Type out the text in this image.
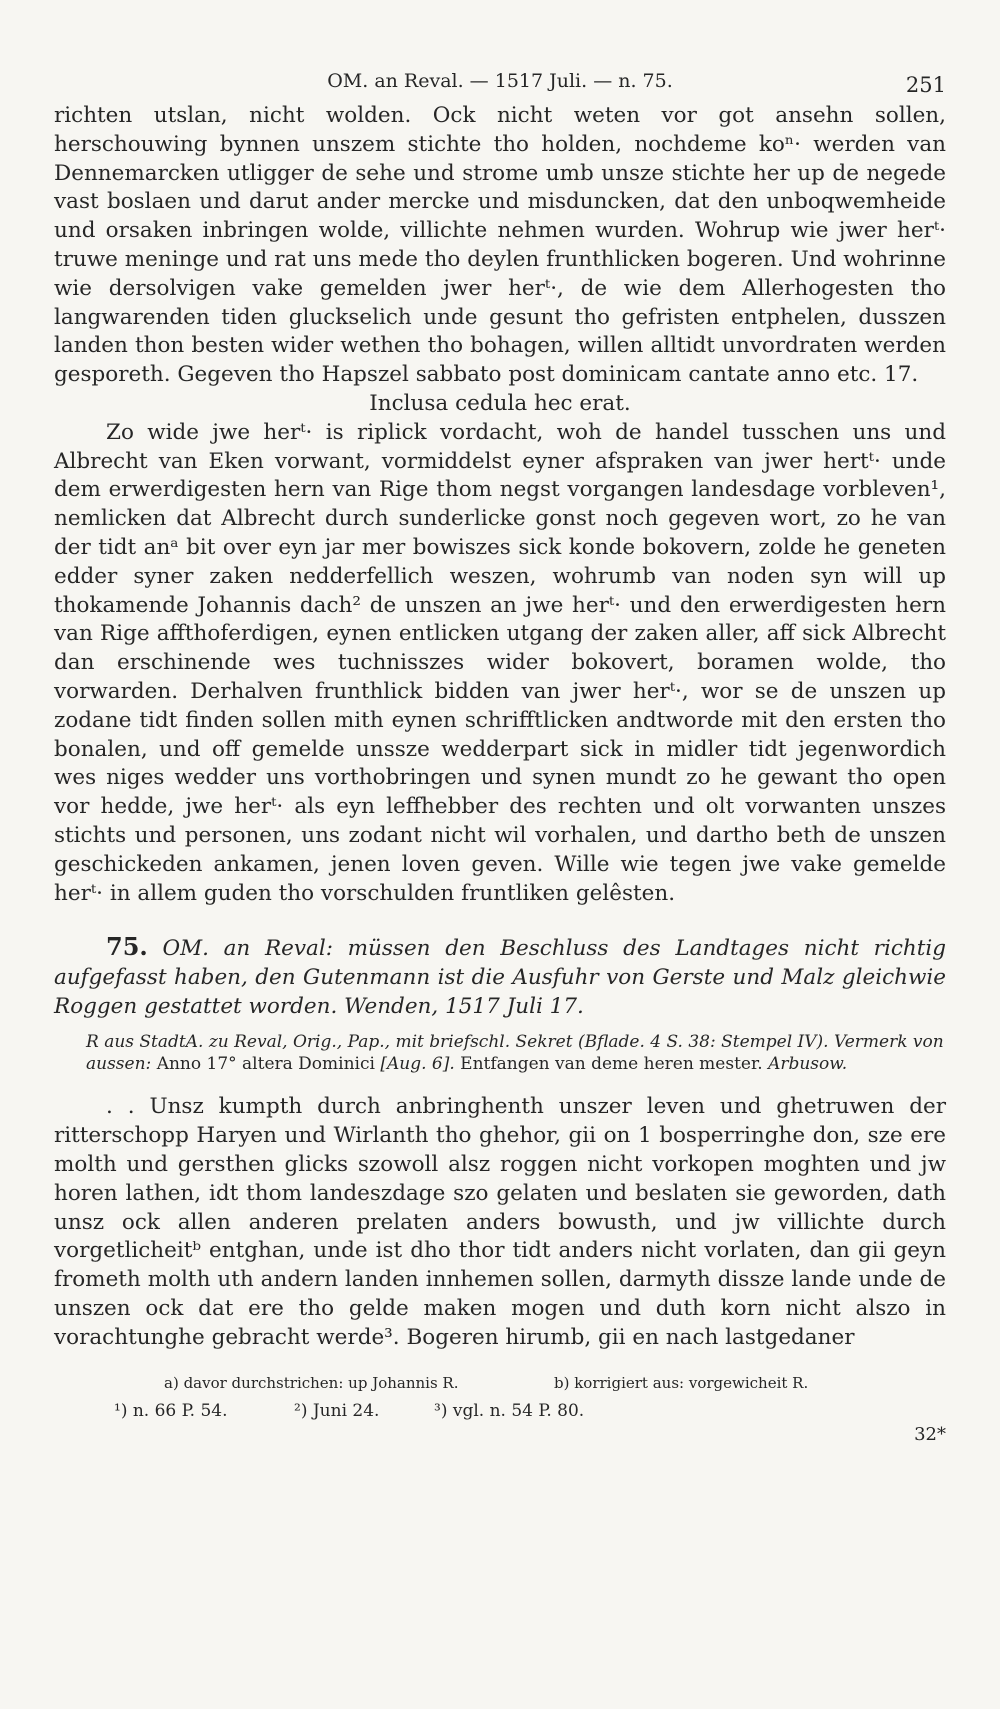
OM. an Reval. — 1517 Juli. — n. 75.	251

richten utslan, nicht wolden. Ock nicht weten vor got ansehn sollen, herschouwing bynnen unszem stichte tho holden, nochdeme koⁿ· werden van Dennemarcken utligger de sehe und strome umb unsze stichte her up de negede vast boslaen und darut ander mercke und misduncken, dat den unboqwemheide und orsaken inbringen wolde, villichte nehmen wurden. Wohrup wie jwer herᵗ· truwe meninge und rat uns mede tho deylen frunthlicken bogeren. Und wohrinne wie dersolvigen vake gemelden jwer herᵗ·, de wie dem Allerhogesten tho langwarenden tiden gluckselich unde gesunt tho gefristen entphelen, dusszen landen thon besten wider wethen tho bohagen, willen alltidt unvordraten werden gesporeth. Gegeven tho Hapszel sabbato post dominicam cantate anno etc. 17.

Inclusa cedula hec erat.

Zo wide jwe herᵗ· is riplick vordacht, woh de handel tusschen uns und Albrecht van Eken vorwant, vormiddelst eyner afspraken van jwer hertᵗ· unde dem erwerdigesten hern van Rige thom negst vorgangen landesdage vorbleven¹, nemlicken dat Albrecht durch sunderlicke gonst noch gegeven wort, zo he van der tidt anᵃ bit over eyn jar mer bowiszes sick konde bokovern, zolde he geneten edder syner zaken nedderfellich weszen, wohrumb van noden syn will up thokamende Johannis dach² de unszen an jwe herᵗ· und den erwerdigesten hern van Rige affthoferdigen, eynen entlicken utgang der zaken aller, aff sick Albrecht dan erschinende wes tuchnisszes wider bokovert, boramen wolde, tho vorwarden. Derhalven frunthlick bidden van jwer herᵗ·, wor se de unszen up zodane tidt finden sollen mith eynen schrifftlicken andtworde mit den ersten tho bonalen, und off gemelde unssze wedderpart sick in midler tidt jegenwordich wes niges wedder uns vorthobringen und synen mundt zo he gewant tho open vor hedde, jwe herᵗ· als eyn leffhebber des rechten und olt vorwanten unszes stichts und personen, uns zodant nicht wil vorhalen, und dartho beth de unszen geschickeden ankamen, jenen loven geven. Wille wie tegen jwe vake gemelde herᵗ· in allem guden tho vorschulden fruntliken gelêsten.

75. OM. an Reval: müssen den Beschluss des Landtages nicht richtig aufgefasst haben, den Gutenmann ist die Ausfuhr von Gerste und Malz gleichwie Roggen gestattet worden. Wenden, 1517 Juli 17.

R aus StadtA. zu Reval, Orig., Pap., mit briefschl. Sekret (Bflade. 4 S. 38: Stempel IV). Vermerk von aussen: Anno 17° altera Dominici [Aug. 6]. Entfangen van deme heren mester. Arbusow.

. . Unsz kumpth durch anbringhenth unszer leven und ghetruwen der ritterschopp Haryen und Wirlanth tho ghehor, gii on 1 bosperringhe don, sze ere molth und gersthen glicks szowoll alsz roggen nicht vorkopen moghten und jw horen lathen, idt thom landeszdage szo gelaten und beslaten sie geworden, dath unsz ock allen anderen prelaten anders bowusth, und jw villichte durch vorgetlicheitᵇ entghan, unde ist dho thor tidt anders nicht vorlaten, dan gii geyn frometh molth uth andern landen innhemen sollen, darmyth dissze lande unde de unszen ock dat ere tho gelde maken mogen und duth korn nicht alszo in vorachtunghe gebracht werde³. Bogeren hirumb, gii en nach lastgedaner

a) davor durchstrichen: up Johannis R.	b) korrigiert aus: vorgewicheit R.
¹) n. 66 P. 54.	²) Juni 24.	³) vgl. n. 54 P. 80.
32*
